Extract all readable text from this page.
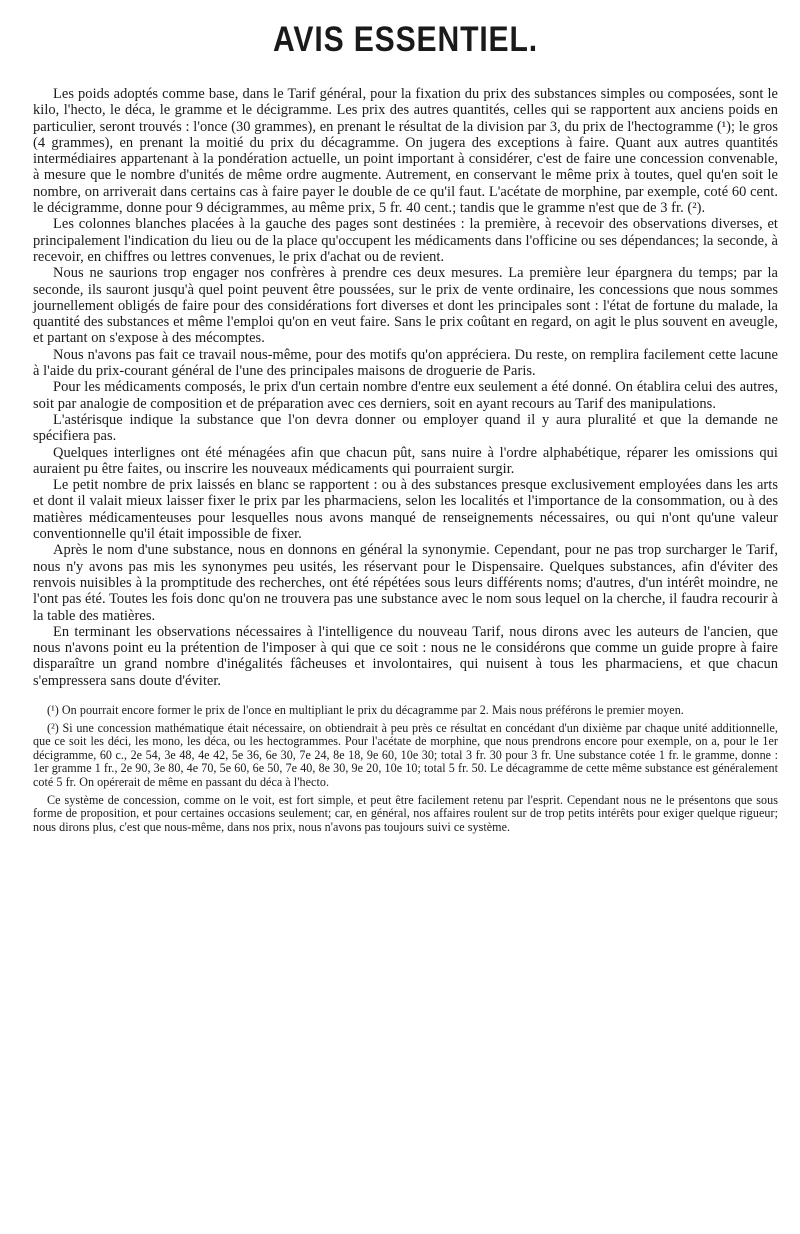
AVIS ESSENTIEL.

Les poids adoptés comme base, dans le Tarif général, pour la fixation du prix des substances simples ou composées, sont le kilo, l'hecto, le déca, le gramme et le décigramme. Les prix des autres quantités, celles qui se rapportent aux anciens poids en particulier, seront trouvés : l'once (30 grammes), en prenant le résultat de la division par 3, du prix de l'hectogramme (¹); le gros (4 grammes), en prenant la moitié du prix du décagramme. On jugera des exceptions à faire. Quant aux autres quantités intermédiaires appartenant à la pondération actuelle, un point important à considérer, c'est de faire une concession convenable, à mesure que le nombre d'unités de même ordre augmente. Autrement, en conservant le même prix à toutes, quel qu'en soit le nombre, on arriverait dans certains cas à faire payer le double de ce qu'il faut. L'acétate de morphine, par exemple, coté 60 cent. le décigramme, donne pour 9 décigrammes, au même prix, 5 fr. 40 cent.; tandis que le gramme n'est que de 3 fr. (²).

Les colonnes blanches placées à la gauche des pages sont destinées : la première, à recevoir des observations diverses, et principalement l'indication du lieu ou de la place qu'occupent les médicaments dans l'officine ou ses dépendances; la seconde, à recevoir, en chiffres ou lettres convenues, le prix d'achat ou de revient.

Nous ne saurions trop engager nos confrères à prendre ces deux mesures. La première leur épargnera du temps; par la seconde, ils sauront jusqu'à quel point peuvent être poussées, sur le prix de vente ordinaire, les concessions que nous sommes journellement obligés de faire pour des considérations fort diverses et dont les principales sont : l'état de fortune du malade, la quantité des substances et même l'emploi qu'on en veut faire. Sans le prix coûtant en regard, on agit le plus souvent en aveugle, et partant on s'expose à des mécomptes.

Nous n'avons pas fait ce travail nous-même, pour des motifs qu'on appréciera. Du reste, on remplira facilement cette lacune à l'aide du prix-courant général de l'une des principales maisons de droguerie de Paris.

Pour les médicaments composés, le prix d'un certain nombre d'entre eux seulement a été donné. On établira celui des autres, soit par analogie de composition et de préparation avec ces derniers, soit en ayant recours au Tarif des manipulations.

L'astérisque indique la substance que l'on devra donner ou employer quand il y aura pluralité et que la demande ne spécifiera pas.

Quelques interlignes ont été ménagées afin que chacun pût, sans nuire à l'ordre alphabétique, réparer les omissions qui auraient pu être faites, ou inscrire les nouveaux médicaments qui pourraient surgir.

Le petit nombre de prix laissés en blanc se rapportent : ou à des substances presque exclusivement employées dans les arts et dont il valait mieux laisser fixer le prix par les pharmaciens, selon les localités et l'importance de la consommation, ou à des matières médicamenteuses pour lesquelles nous avons manqué de renseignements nécessaires, ou qui n'ont qu'une valeur conventionnelle qu'il était impossible de fixer.

Après le nom d'une substance, nous en donnons en général la synonymie. Cependant, pour ne pas trop surcharger le Tarif, nous n'y avons pas mis les synonymes peu usités, les réservant pour le Dispensaire. Quelques substances, afin d'éviter des renvois nuisibles à la promptitude des recherches, ont été répétées sous leurs différents noms; d'autres, d'un intérêt moindre, ne l'ont pas été. Toutes les fois donc qu'on ne trouvera pas une substance avec le nom sous lequel on la cherche, il faudra recourir à la table des matières.

En terminant les observations nécessaires à l'intelligence du nouveau Tarif, nous dirons avec les auteurs de l'ancien, que nous n'avons point eu la prétention de l'imposer à qui que ce soit : nous ne le considérons que comme un guide propre à faire disparaître un grand nombre d'inégalités fâcheuses et involontaires, qui nuisent à tous les pharmaciens, et que chacun s'empressera sans doute d'éviter.

(¹) On pourrait encore former le prix de l'once en multipliant le prix du décagramme par 2. Mais nous préférons le premier moyen.

(²) Si une concession mathématique était nécessaire, on obtiendrait à peu près ce résultat en concédant d'un dixième par chaque unité additionnelle, que ce soit les déci, les mono, les déca, ou les hectogrammes. Pour l'acétate de morphine, que nous prendrons encore pour exemple, on a, pour le 1er décigramme, 60 c., 2e 54, 3e 48, 4e 42, 5e 36, 6e 30, 7e 24, 8e 18, 9e 60, 10e 30; total 3 fr. 30 pour 3 fr. Une substance cotée 1 fr. le gramme, donne : 1er gramme 1 fr., 2e 90, 3e 80, 4e 70, 5e 60, 6e 50, 7e 40, 8e 30, 9e 20, 10e 10; total 5 fr. 50. Le décagramme de cette même substance est généralement coté 5 fr. On opérerait de même en passant du déca à l'hecto.

Ce système de concession, comme on le voit, est fort simple, et peut être facilement retenu par l'esprit. Cependant nous ne le présentons que sous forme de proposition, et pour certaines occasions seulement; car, en général, nos affaires roulent sur de trop petits intérêts pour exiger quelque rigueur; nous dirons plus, c'est que nous-même, dans nos prix, nous n'avons pas toujours suivi ce système.
